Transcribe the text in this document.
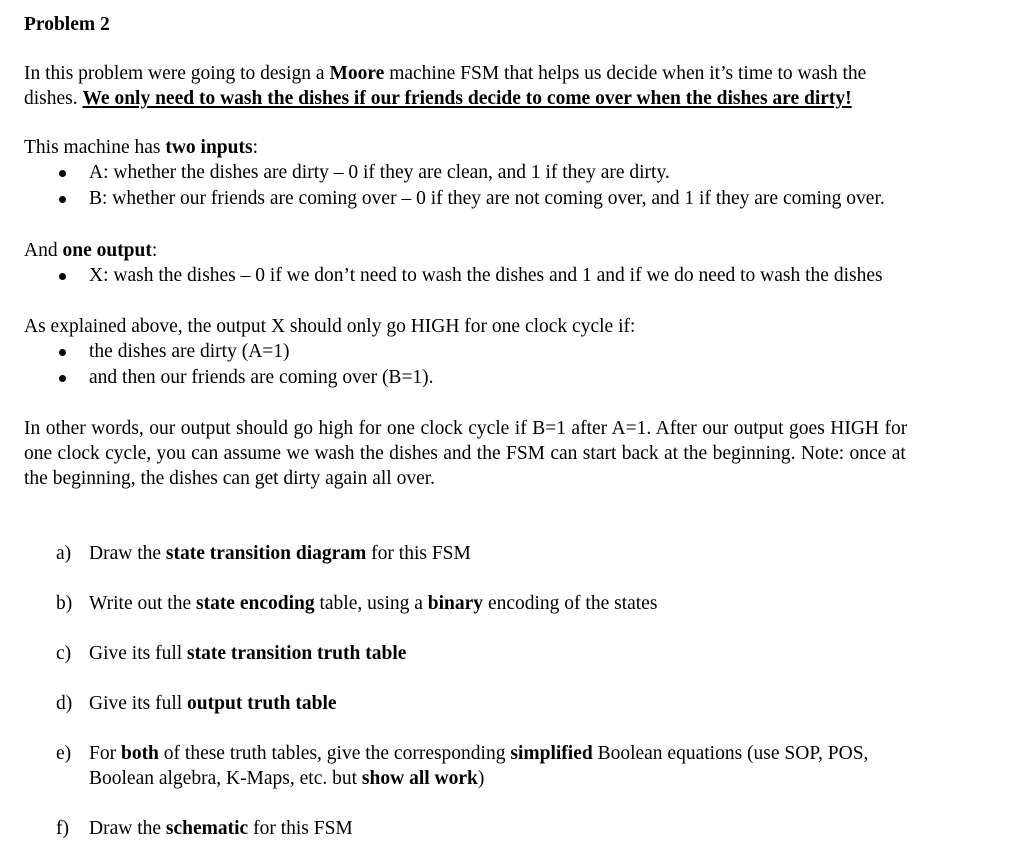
Problem 2
In this problem were going to design a Moore machine FSM that helps us decide when it’s time to wash the
dishes. We only need to wash the dishes if our friends decide to come over when the dishes are dirty!
This machine has two inputs:
A: whether the dishes are dirty – 0 if they are clean, and 1 if they are dirty.
B: whether our friends are coming over – 0 if they are not coming over, and 1 if they are coming over.
And one output:
X: wash the dishes – 0 if we don’t need to wash the dishes and 1 and if we do need to wash the dishes
As explained above, the output X should only go HIGH for one clock cycle if:
the dishes are dirty (A=1)
and then our friends are coming over (B=1).
In other words, our output should go high for one clock cycle if B=1 after A=1. After our output goes HIGH for
one clock cycle, you can assume we wash the dishes and the FSM can start back at the beginning. Note: once at
the beginning, the dishes can get dirty again all over.
a) Draw the state transition diagram for this FSM
b) Write out the state encoding table, using a binary encoding of the states
c) Give its full state transition truth table
d) Give its full output truth table
e) For both of these truth tables, give the corresponding simplified Boolean equations (use SOP, POS,
Boolean algebra, K-Maps, etc. but show all work)
f) Draw the schematic for this FSM
